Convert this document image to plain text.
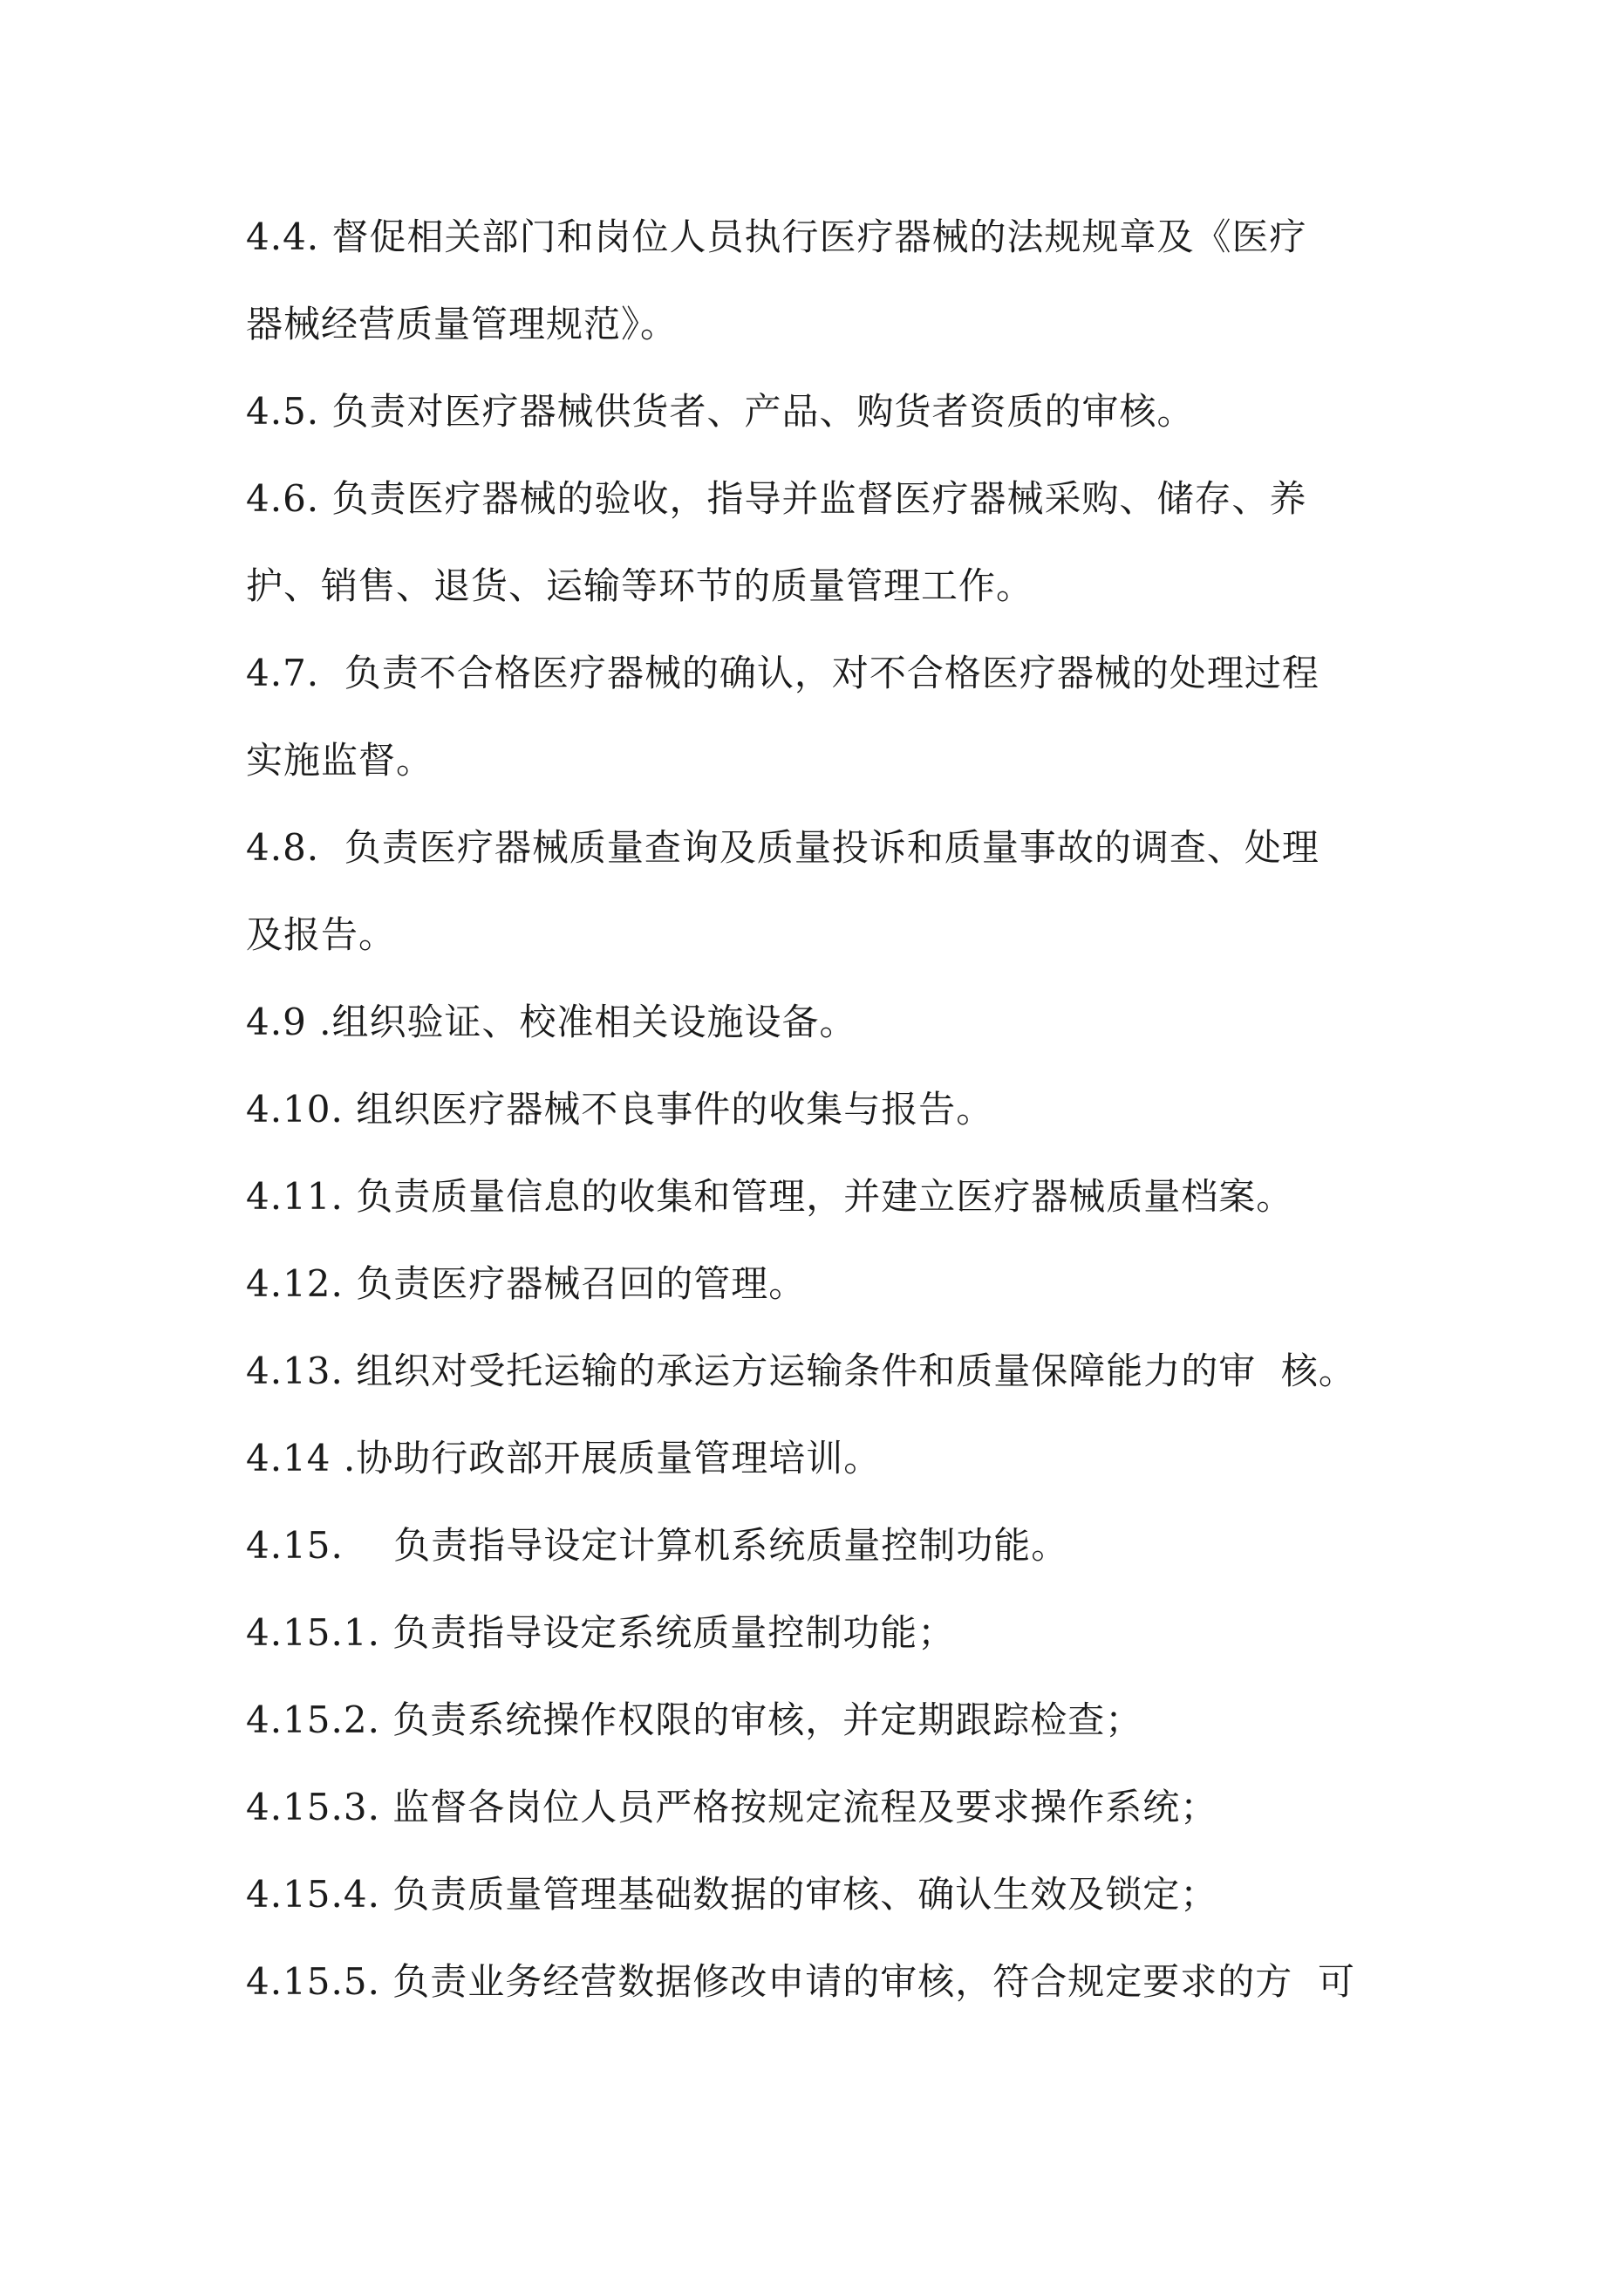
4.4. 督促相关部门和岗位人员执行医疗器械的法规规章及《医疗
器械经营质量管理规范》。
4.5. 负责对医疗器械供货者、产品、购货者资质的审核。
4.6. 负责医疗器械的验收，指导并监督医疗器械采购、储存、养
护、销售、退货、运输等环节的质量管理工作。
4.7.  负责不合格医疗器械的确认，对不合格医疗器械的处理过程
实施监督。
4.8.  负责医疗器械质量查询及质量投诉和质量事故的调查、处理
及报告。
4.9 .组织验证、校准相关设施设备。
4.10. 组织医疗器械不良事件的收集与报告。
4.11. 负责质量信息的收集和管理，并建立医疗器械质量档案。
4.12. 负责医疗器械召回的管理。
4.13. 组织对受托运输的承运方运输条件和质量保障能力的审  核。
4.14 .协助行政部开展质量管理培训。
4.15.    负责指导设定计算机系统质量控制功能。
4.15.1. 负责指导设定系统质量控制功能；
4.15.2. 负责系统操作权限的审核，并定期跟踪检查；
4.15.3. 监督各岗位人员严格按规定流程及要求操作系统；
4.15.4. 负责质量管理基础数据的审核、确认生效及锁定；
4.15.5. 负责业务经营数据修改申请的审核，符合规定要求的方  可
